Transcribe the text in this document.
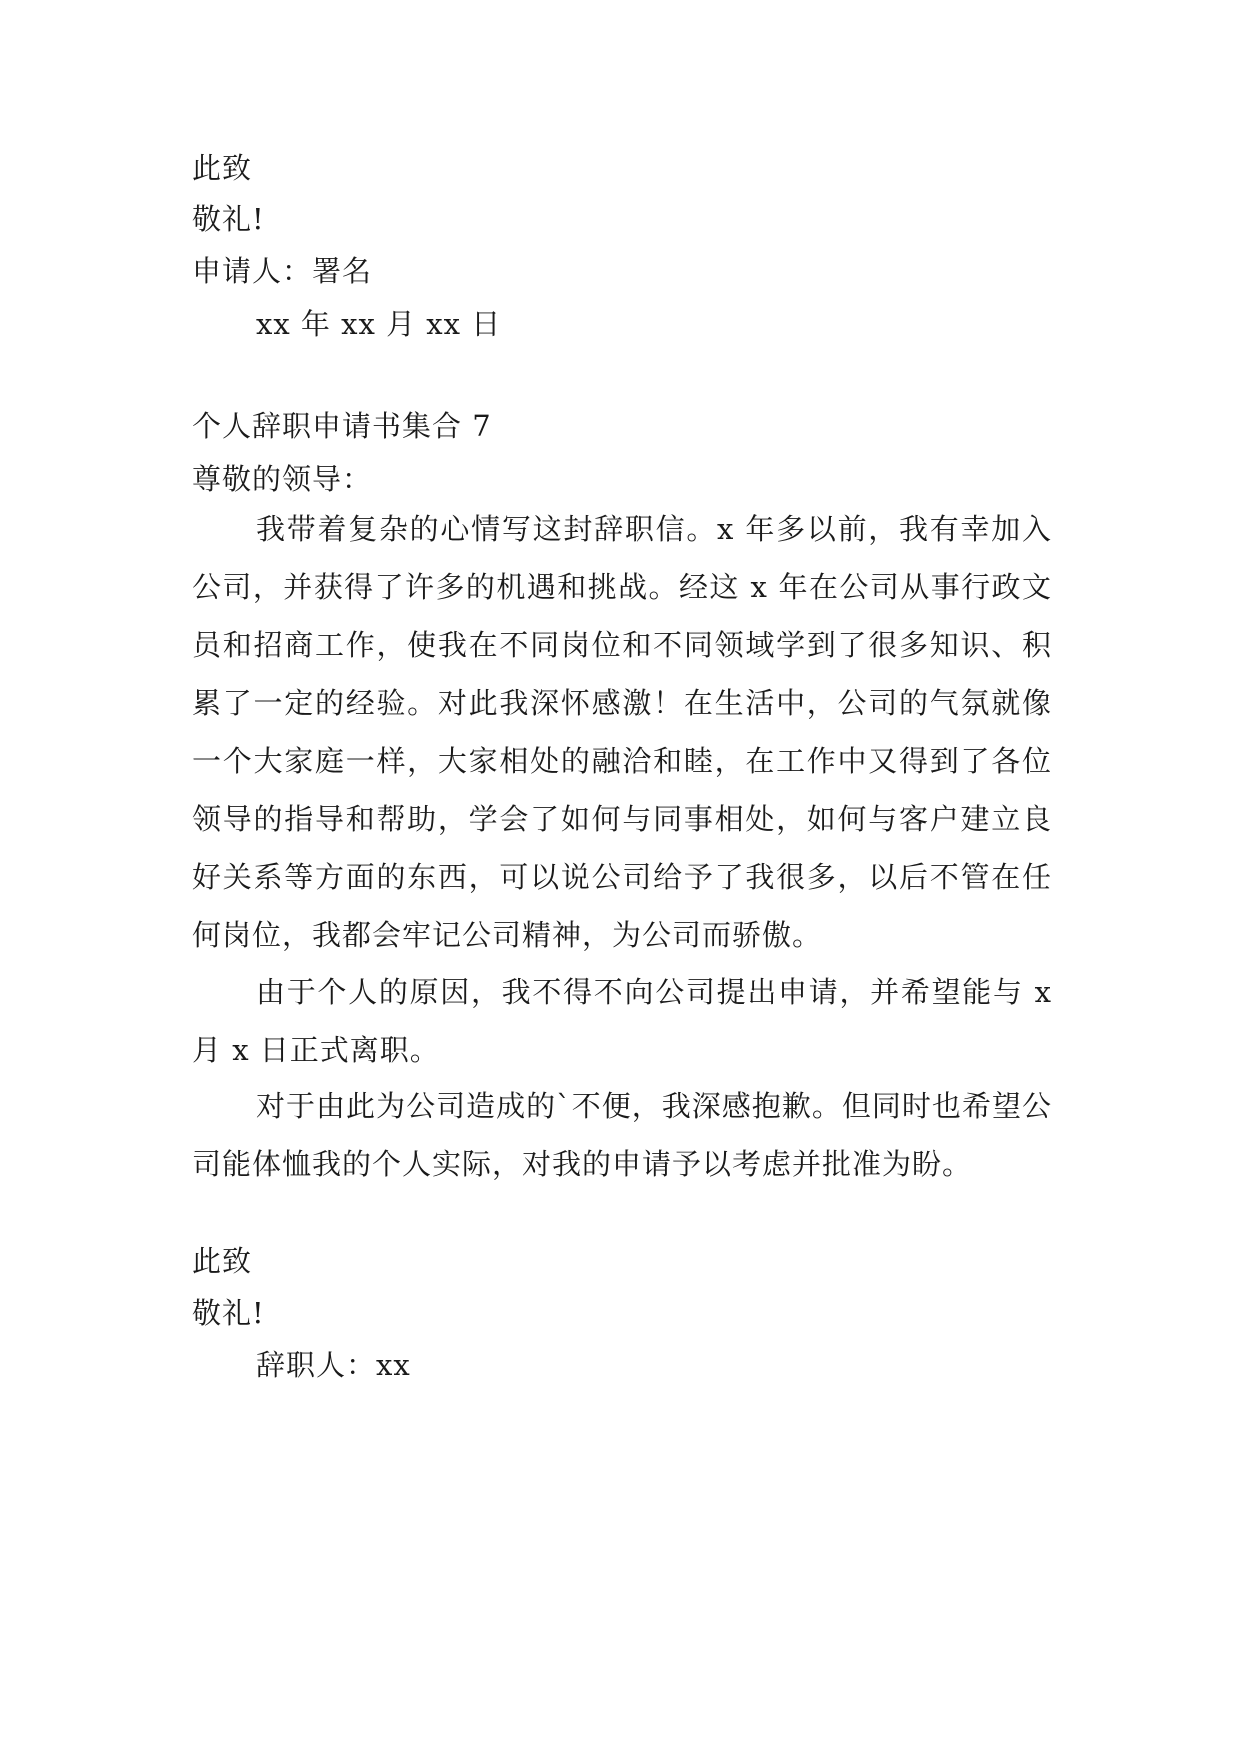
此致
敬礼!
申请人：署名
xx 年 xx 月 xx 日
个人辞职申请书集合 7
尊敬的领导：
我带着复杂的心情写这封辞职信。x 年多以前，我有幸加入公司，并获得了许多的机遇和挑战。经这 x 年在公司从事行政文员和招商工作，使我在不同岗位和不同领域学到了很多知识、积累了一定的经验。对此我深怀感激！在生活中，公司的气氛就像一个大家庭一样，大家相处的融洽和睦，在工作中又得到了各位领导的指导和帮助，学会了如何与同事相处，如何与客户建立良好关系等方面的东西，可以说公司给予了我很多，以后不管在任何岗位，我都会牢记公司精神，为公司而骄傲。
由于个人的原因，我不得不向公司提出申请，并希望能与 x 月 x 日正式离职。
对于由此为公司造成的`不便，我深感抱歉。但同时也希望公司能体恤我的个人实际，对我的申请予以考虑并批准为盼。
此致
敬礼!
辞职人：xx
